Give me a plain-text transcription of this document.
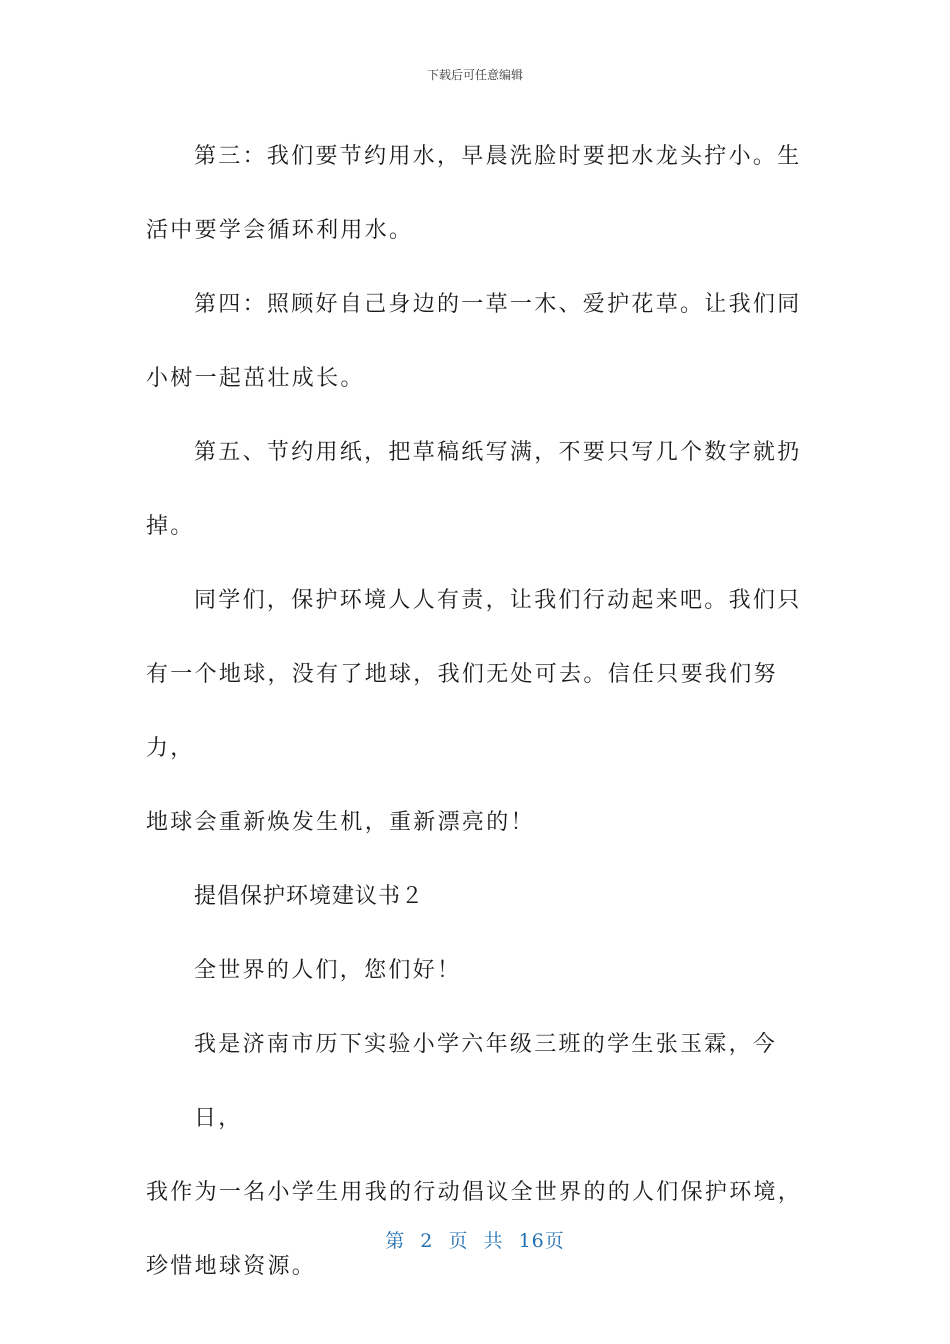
下载后可任意编辑
第三：我们要节约用水，早晨洗脸时要把水龙头拧小。生
活中要学会循环利用水。
第四：照顾好自己身边的一草一木、爱护花草。让我们同
小树一起茁壮成长。
第五、节约用纸，把草稿纸写满，不要只写几个数字就扔
掉。
同学们，保护环境人人有责，让我们行动起来吧。我们只
有一个地球，没有了地球，我们无处可去。信任只要我们努力，
地球会重新焕发生机，重新漂亮的！
提倡保护环境建议书２
全世界的人们，您们好！
我是济南市历下实验小学六年级三班的学生张玉霖，今日，
我作为一名小学生用我的行动倡议全世界的的人们保护环境，
珍惜地球资源。
第 2 页 共 16页
